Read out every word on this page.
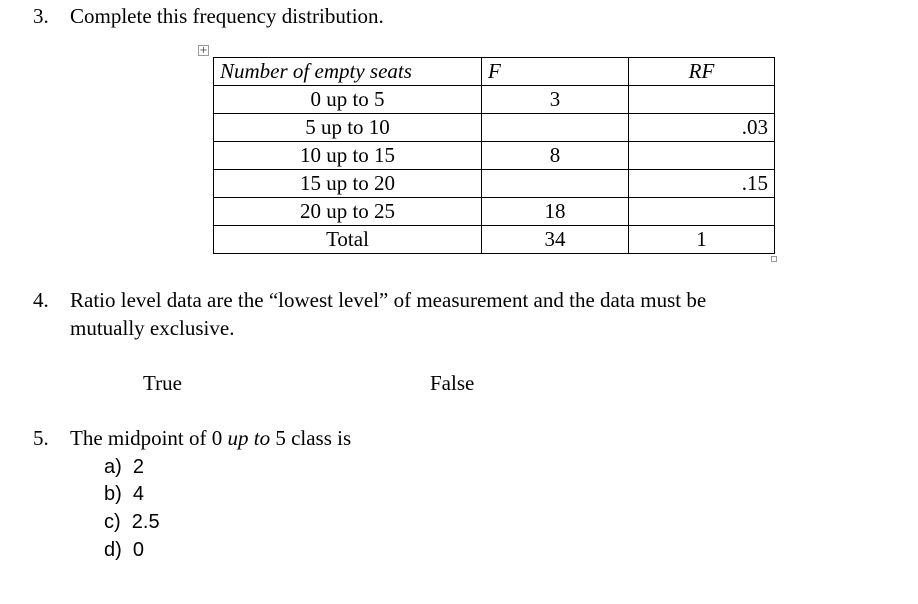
3. Complete this frequency distribution.
+
Number of empty seats	F	RF
0 up to 5	3	
5 up to 10		.03
10 up to 15	8	
15 up to 20		.15
20 up to 25	18	
Total	34	1
4. Ratio level data are the “lowest level” of measurement and the data must be
mutually exclusive.
True	False
5. The midpoint of 0 up to 5 class is
a) 2
b) 4
c) 2.5
d) 0
